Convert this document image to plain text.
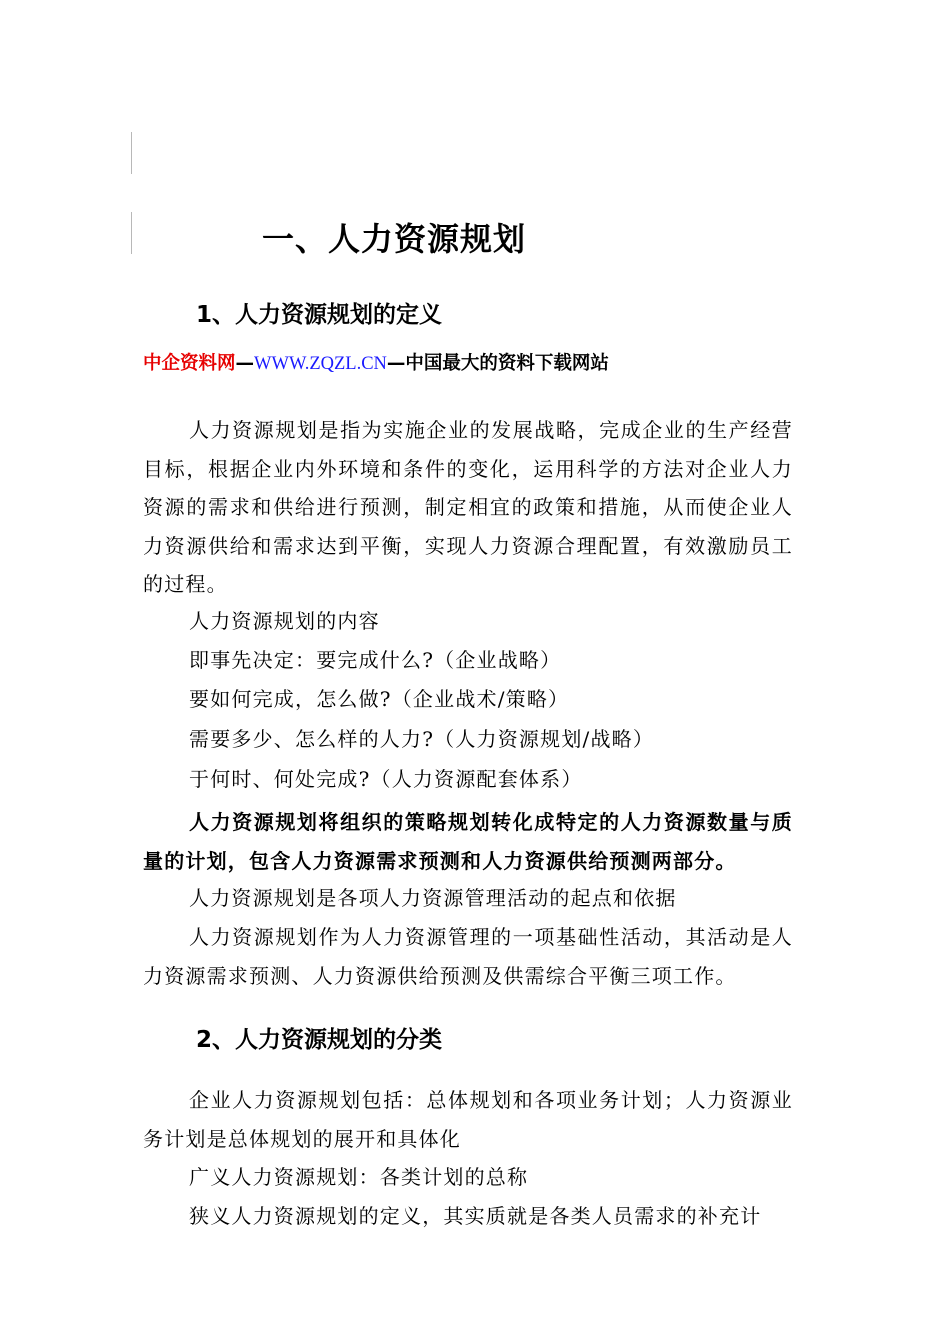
一、人力资源规划
1、人力资源规划的定义
中企资料网—WWW.ZQZL.CN—中国最大的资料下载网站

人力资源规划是指为实施企业的发展战略，完成企业的生产经营目标，根据企业内外环境和条件的变化，运用科学的方法对企业人力资源的需求和供给进行预测，制定相宜的政策和措施，从而使企业人力资源供给和需求达到平衡，实现人力资源合理配置，有效激励员工的过程。

人力资源规划的内容

即事先决定：要完成什么?（企业战略）

要如何完成，怎么做?（企业战术/策略）

需要多少、怎么样的人力?（人力资源规划/战略）

于何时、何处完成?（人力资源配套体系）

人力资源规划将组织的策略规划转化成特定的人力资源数量与质量的计划，包含人力资源需求预测和人力资源供给预测两部分。

人力资源规划是各项人力资源管理活动的起点和依据

人力资源规划作为人力资源管理的一项基础性活动，其活动是人力资源需求预测、人力资源供给预测及供需综合平衡三项工作。

2、人力资源规划的分类

企业人力资源规划包括：总体规划和各项业务计划；人力资源业务计划是总体规划的展开和具体化

广义人力资源规划：各类计划的总称

狭义人力资源规划的定义，其实质就是各类人员需求的补充计
